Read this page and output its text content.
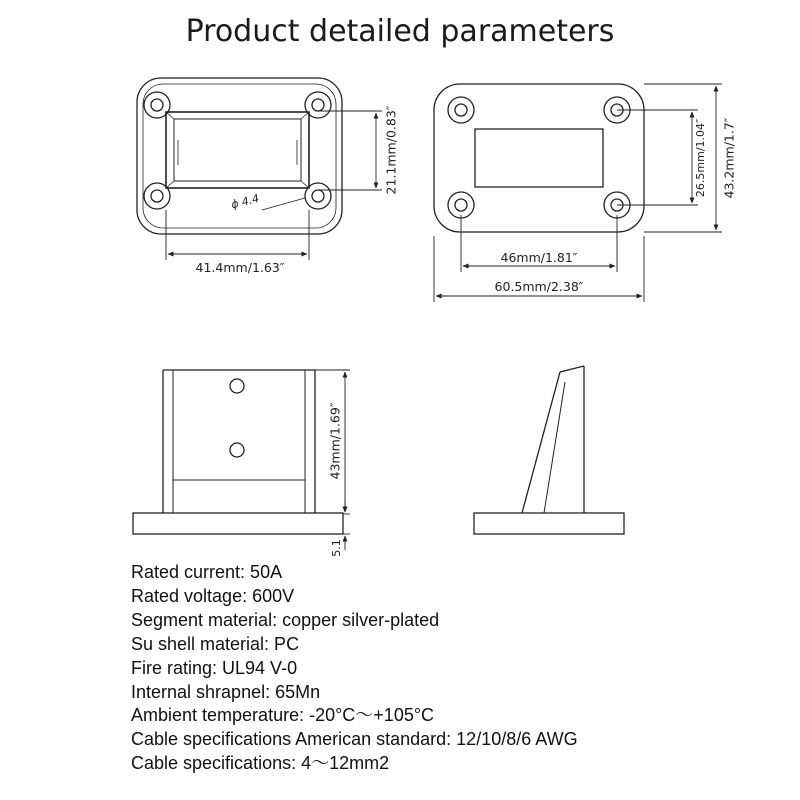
Product detailed parameters
21.1mm/0.83″
41.4mm/1.63″
ϕ 4.4
26.5mm/1.04″ 43.2mm/1.7″
46mm/1.81″
60.5mm/2.38″
43mm/1.69″
5.1
Rated current: 50A
Rated voltage: 600V
Segment material: copper silver-plated
Su shell material: PC
Fire rating: UL94 V-0
Internal shrapnel: 65Mn
Ambient temperature: -20°C～+105°C
Cable specifications American standard: 12/10/8/6 AWG
Cable specifications: 4～12mm2
